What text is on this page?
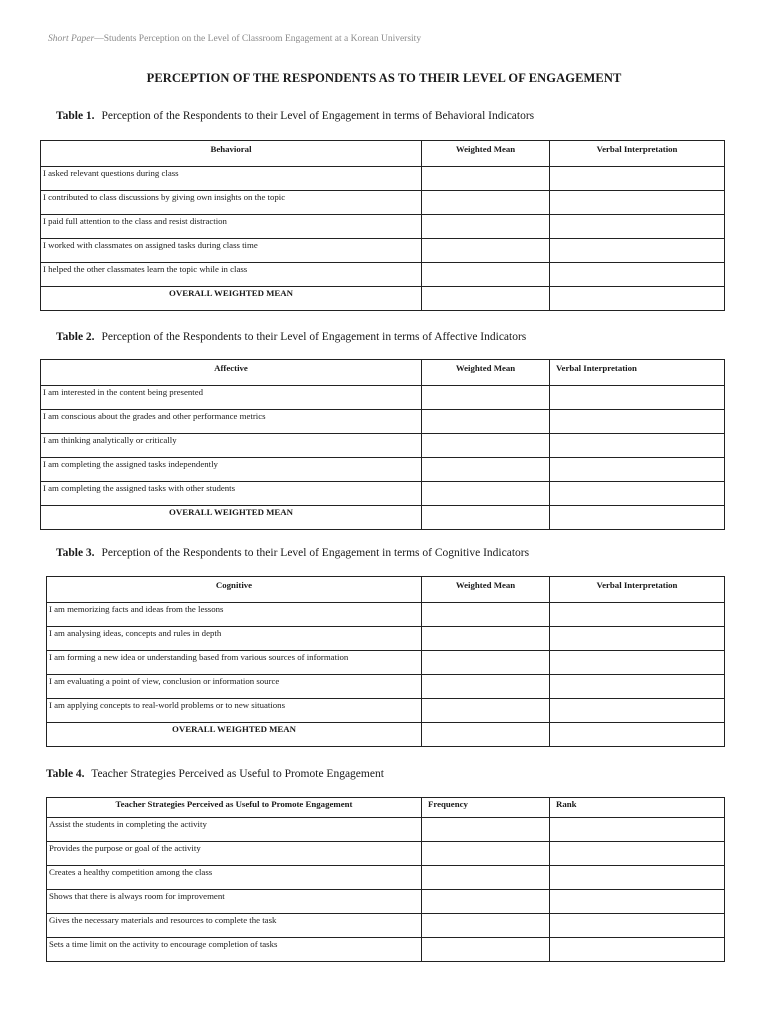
Short Paper—Students Perception on the Level of Classroom Engagement at a Korean University
PERCEPTION OF THE RESPONDENTS AS TO THEIR LEVEL OF ENGAGEMENT
Table 1. Perception of the Respondents to their Level of Engagement in terms of Behavioral Indicators
Behavioral	Weighted Mean	Verbal Interpretation
I asked relevant questions during class		
I contributed to class discussions by giving own insights on the topic		
I paid full attention to the class and resist distraction		
I worked with classmates on assigned tasks during class time		
I helped the other classmates learn the topic while in class		
OVERALL WEIGHTED MEAN		
Table 2. Perception of the Respondents to their Level of Engagement in terms of Affective Indicators
Affective	Weighted Mean	Verbal Interpretation
I am interested in the content being presented		
I am conscious about the grades and other performance metrics		
I am thinking analytically or critically		
I am completing the assigned tasks independently		
I am completing the assigned tasks with other students		
OVERALL WEIGHTED MEAN		
Table 3. Perception of the Respondents to their Level of Engagement in terms of Cognitive Indicators
Cognitive	Weighted Mean	Verbal Interpretation
I am memorizing facts and ideas from the lessons		
I am analysing ideas, concepts and rules in depth		
I am forming a new idea or understanding based from various sources of information		
I am evaluating a point of view, conclusion or information source		
I am applying concepts to real-world problems or to new situations		
OVERALL WEIGHTED MEAN		
Table 4. Teacher Strategies Perceived as Useful to Promote Engagement
Teacher Strategies Perceived as Useful to Promote Engagement	Frequency	Rank
Assist the students in completing the activity		
Provides the purpose or goal of the activity		
Creates a healthy competition among the class		
Shows that there is always room for improvement		
Gives the necessary materials and resources to complete the task		
Sets a time limit on the activity to encourage completion of tasks		
